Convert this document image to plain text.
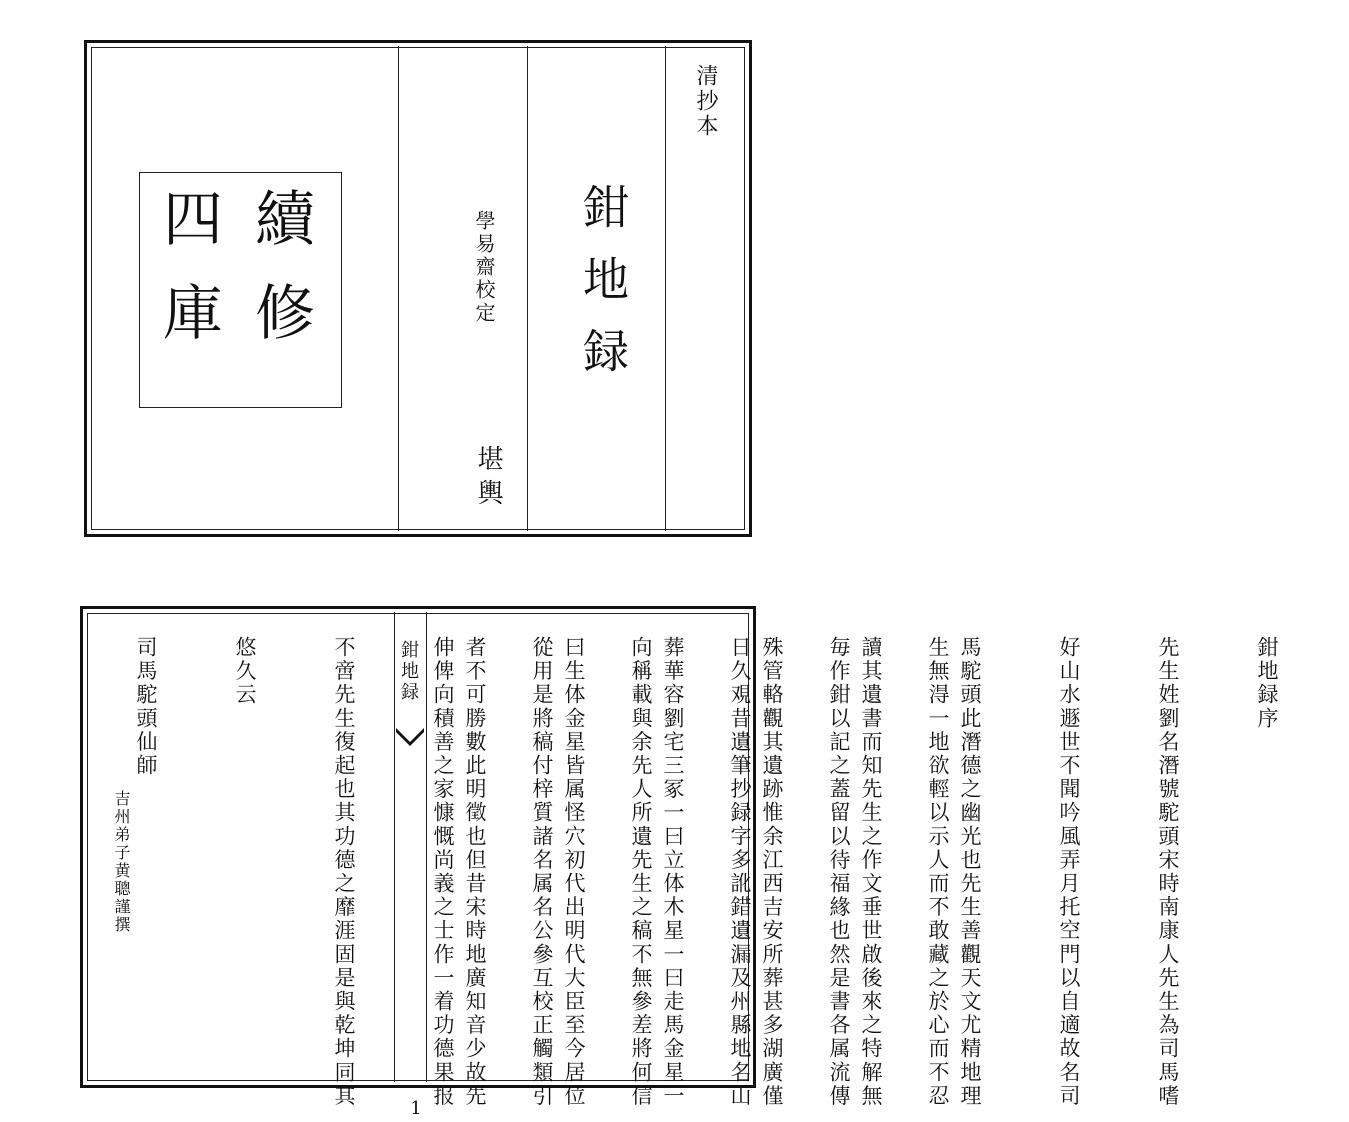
清抄本
鉗地録
學易齋校定
堪輿
續修
四庫
鉗地録

	鉗地録序

先生姓劉名潛號駝頭宋時南康人先生為司馬嗜

好山水遯世不聞吟風弄月托空門以自適故名司

馬駝頭此潛德之幽光也先生善觀天文尤精地理

讀其遺書而知先生之作文垂世啟後來之特解無

殊管輅觀其遺跡惟余江西吉安所葬甚多湖廣僅

葬華容劉宅三冢一曰立体木星一曰走馬金星一

曰生体金星皆属怪穴初代出明代大臣至今居位

者不可勝數此明徵也但昔宋時地廣知音少故先

	生無淂一地欲輕以示人而不敢藏之於心而不忍

毎作鉗以記之蓋留以待福緣也然是書各属流傳

日久覌昔遺筆抄録字多訛錯遺漏及州縣地名山

向稱載與余先人所遺先生之稿不無參差將何信

從用是將稿付梓質諸名属名公參互校正觸類引

伸俾向積善之家慷慨尚義之士作一着功德果报

不啻先生復起也其功德之靡涯固是與乾坤同其

悠久云

司馬駝頭仙師

吉州弟子黄聰謹撰
1
